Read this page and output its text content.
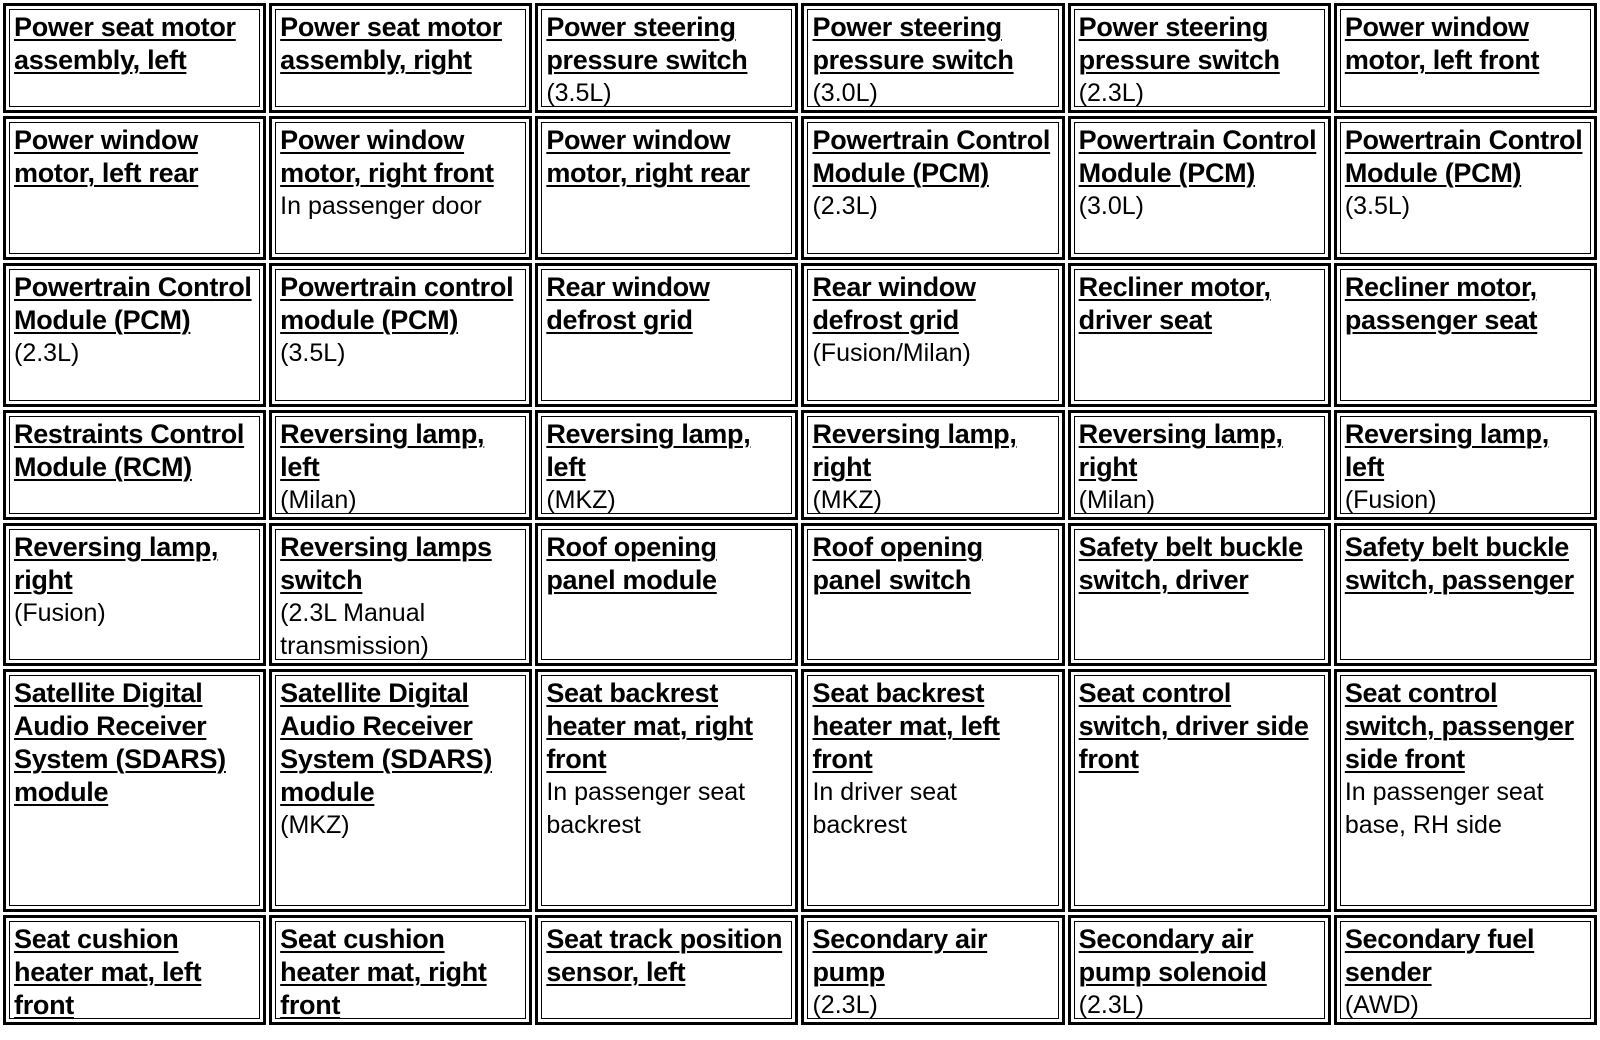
Power seat motor assembly, left
Power seat motor assembly, right
Power steering pressure switch
(3.5L)
Power steering pressure switch
(3.0L)
Power steering pressure switch
(2.3L)
Power window motor, left front
Power window motor, left rear
Power window motor, right front
In passenger door
Power window motor, right rear
Powertrain Control Module (PCM)
(2.3L)
Powertrain Control Module (PCM)
(3.0L)
Powertrain Control Module (PCM)
(3.5L)
Powertrain Control Module (PCM)
(2.3L)
Powertrain control module (PCM)
(3.5L)
Rear window defrost grid
Rear window defrost grid
(Fusion/Milan)
Recliner motor, driver seat
Recliner motor, passenger seat
Restraints Control Module (RCM)
Reversing lamp, left
(Milan)
Reversing lamp, left
(MKZ)
Reversing lamp, right
(MKZ)
Reversing lamp, right
(Milan)
Reversing lamp, left
(Fusion)
Reversing lamp, right
(Fusion)
Reversing lamps switch
(2.3L Manual transmission)
Roof opening panel module
Roof opening panel switch
Safety belt buckle switch, driver
Safety belt buckle switch, passenger
Satellite Digital Audio Receiver System (SDARS) module
Satellite Digital Audio Receiver System (SDARS) module
(MKZ)
Seat backrest heater mat, right front
In passenger seat backrest
Seat backrest heater mat, left front
In driver seat backrest
Seat control switch, driver side front
Seat control switch, passenger side front
In passenger seat base, RH side
Seat cushion heater mat, left front
Seat cushion heater mat, right front
Seat track position sensor, left
Secondary air pump
(2.3L)
Secondary air pump solenoid
(2.3L)
Secondary fuel sender
(AWD)
